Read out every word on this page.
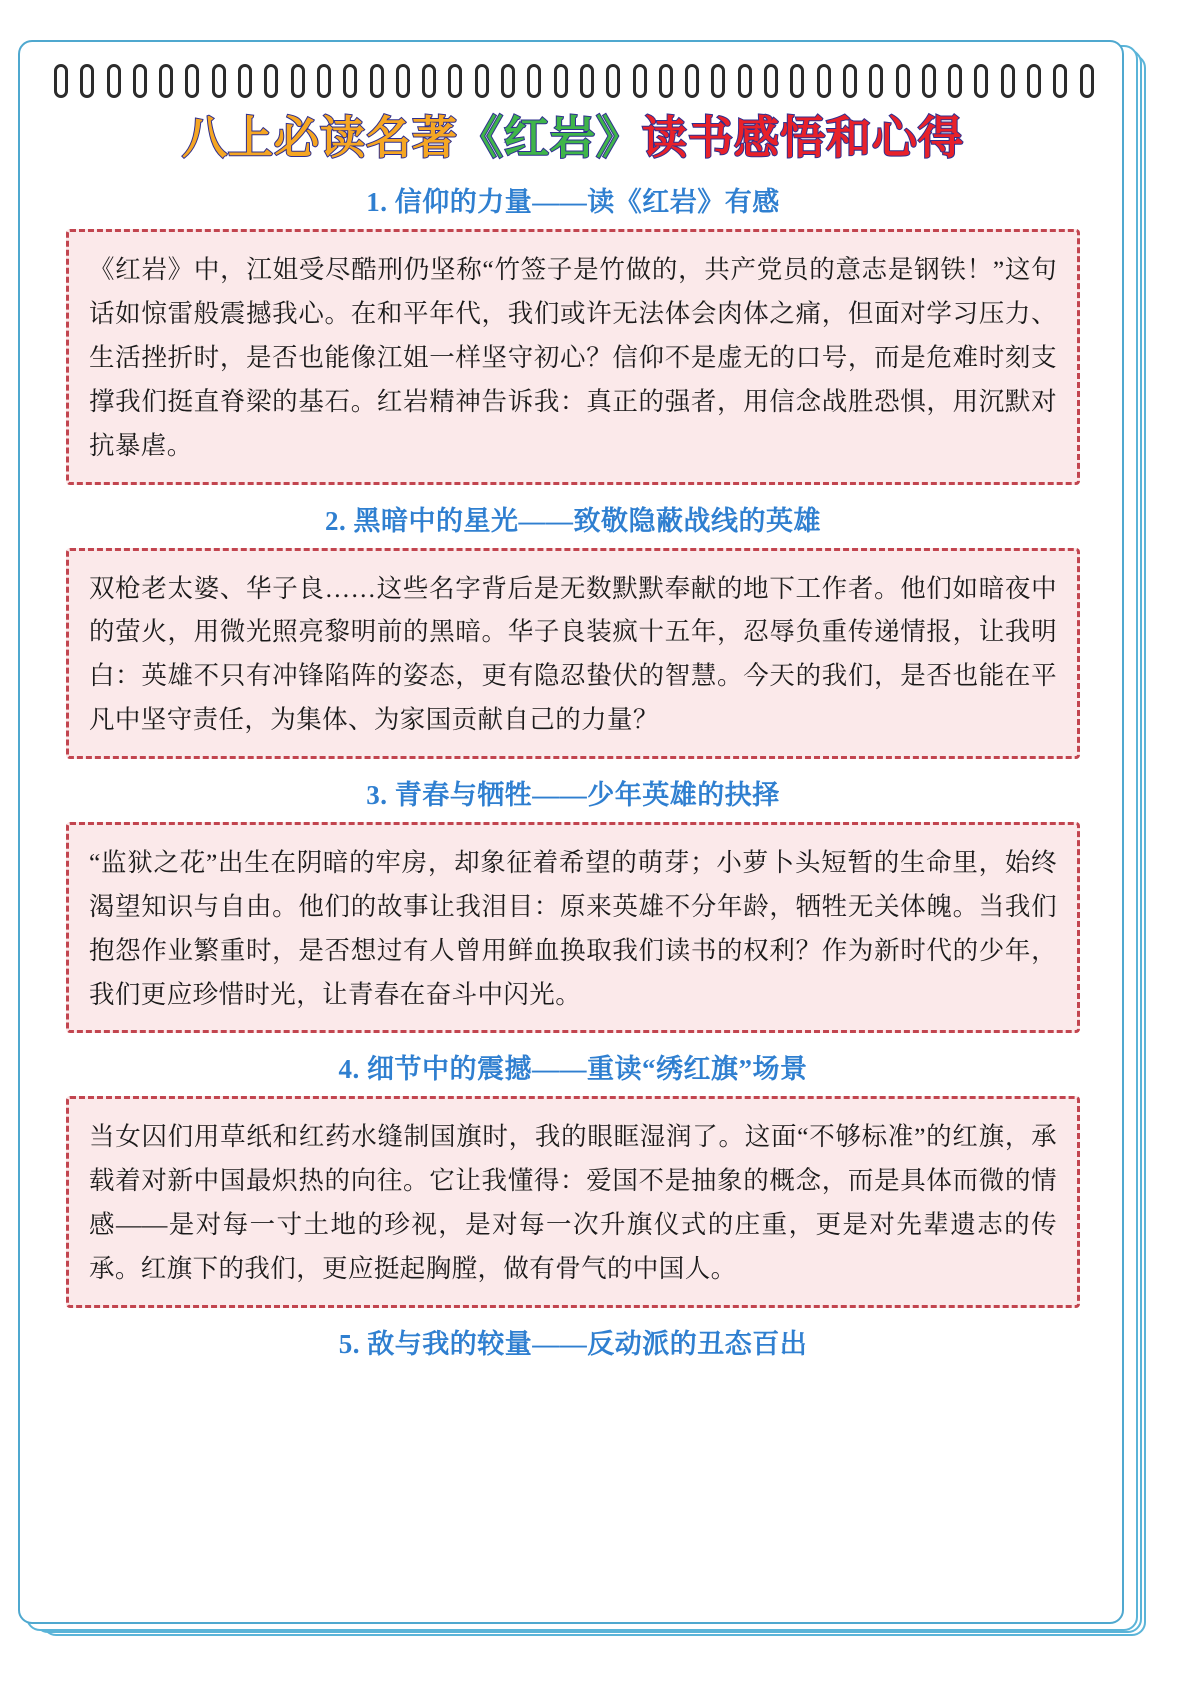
八上必读名著《红岩》读书感悟和心得
1. 信仰的力量——读《红岩》有感

《红岩》中，江姐受尽酷刑仍坚称“竹签子是竹做的，共产党员的意志是钢铁！”这句话如惊雷般震撼我心。在和平年代，我们或许无法体会肉体之痛，但面对学习压力、生活挫折时，是否也能像江姐一样坚守初心？信仰不是虚无的口号，而是危难时刻支撑我们挺直脊梁的基石。红岩精神告诉我：真正的强者，用信念战胜恐惧，用沉默对抗暴虐。

2. 黑暗中的星光——致敬隐蔽战线的英雄

双枪老太婆、华子良……这些名字背后是无数默默奉献的地下工作者。他们如暗夜中的萤火，用微光照亮黎明前的黑暗。华子良装疯十五年，忍辱负重传递情报，让我明白：英雄不只有冲锋陷阵的姿态，更有隐忍蛰伏的智慧。今天的我们，是否也能在平凡中坚守责任，为集体、为家国贡献自己的力量？

3. 青春与牺牲——少年英雄的抉择

“监狱之花”出生在阴暗的牢房，却象征着希望的萌芽；小萝卜头短暂的生命里，始终渴望知识与自由。他们的故事让我泪目：原来英雄不分年龄，牺牲无关体魄。当我们抱怨作业繁重时，是否想过有人曾用鲜血换取我们读书的权利？作为新时代的少年，我们更应珍惜时光，让青春在奋斗中闪光。

4. 细节中的震撼——重读“绣红旗”场景

当女囚们用草纸和红药水缝制国旗时，我的眼眶湿润了。这面“不够标准”的红旗，承载着对新中国最炽热的向往。它让我懂得：爱国不是抽象的概念，而是具体而微的情感——是对每一寸土地的珍视，是对每一次升旗仪式的庄重，更是对先辈遗志的传承。红旗下的我们，更应挺起胸膛，做有骨气的中国人。

5. 敌与我的较量——反动派的丑态百出
